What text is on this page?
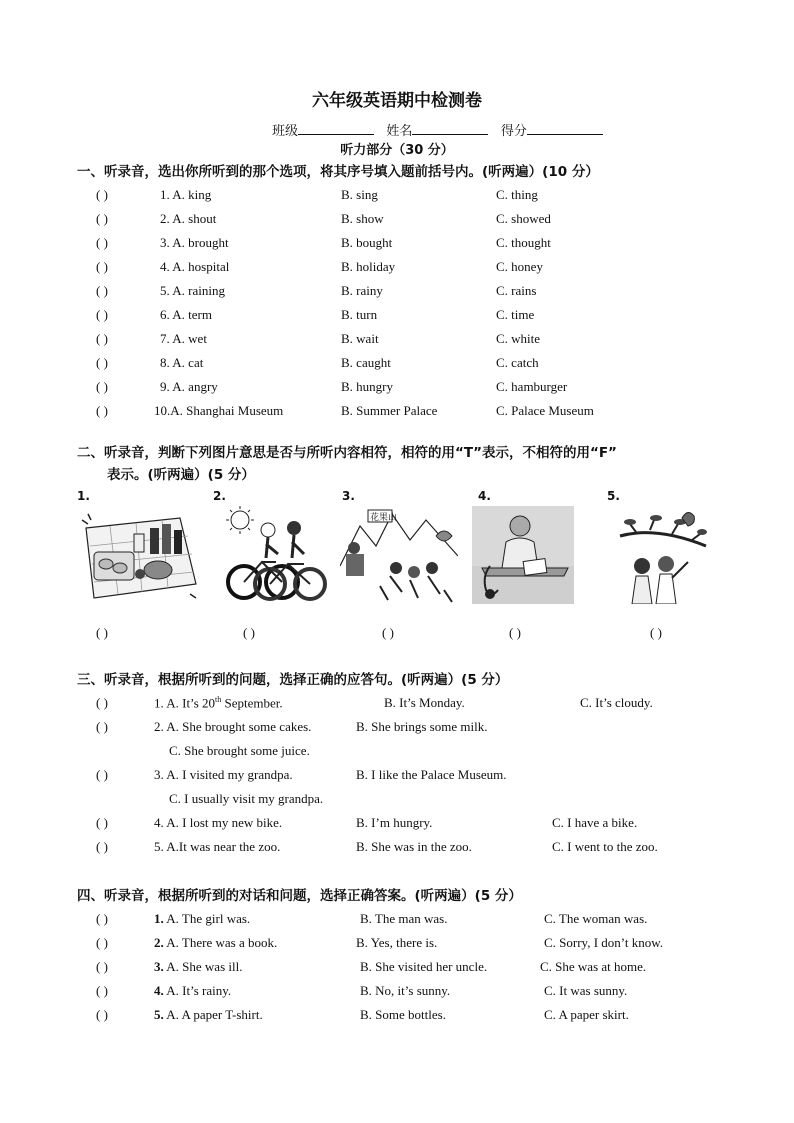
六年级英语期中检测卷
班级	姓名	得分
听力部分（30 分）
一、听录音，选出你所听到的那个选项，将其序号填入题前括号内。(听两遍）(10 分）
( )	1. A. king	B. sing	C. thing
( )	2. A. shout	B. show	C. showed
( )	3. A. brought	B. bought	C. thought
( )	4. A. hospital	B. holiday	C. honey
( )	5. A. raining	B. rainy	C. rains
( )	6. A. term	B. turn	C. time
( )	7. A. wet	B. wait	C. white
( )	8. A. cat	B. caught	C. catch
( )	9. A. angry	B. hungry	C. hamburger
( )	10.A. Shanghai Museum	B. Summer Palace	C. Palace Museum
二、听录音，判断下列图片意思是否与所听内容相符，相符的用“T”表示，不相符的用“F”
表示。(听两遍）(5 分）
1.	2.	3.	4.	5.
花果山
( )	( )	( )	( )	( )
三、听录音，根据所听到的问题，选择正确的应答句。(听两遍）(5 分）
( )	1. A. It’s 20th September.	B. It’s Monday.	C. It’s cloudy.
( )	2. A. She brought some cakes.	B. She brings some milk.
C. She brought some juice.
( )	3. A. I visited my grandpa.	B. I like the Palace Museum.
C. I usually visit my grandpa.
( )	4. A. I lost my new bike.	B. I’m hungry.	C. I have a bike.
( )	5. A.It was near the zoo.	B. She was in the zoo.	C. I went to the zoo.
四、听录音，根据所听到的对话和问题，选择正确答案。(听两遍）(5 分）
( )	1. A. The girl was.	B. The man was.	C. The woman was.
( )	2. A. There was a book.	B. Yes, there is.	C. Sorry, I don’t know.
( )	3. A. She was ill.	B. She visited her uncle.	C. She was at home.
( )	4. A. It’s rainy.	B. No, it’s sunny.	C. It was sunny.
( )	5. A. A paper T-shirt.	B. Some bottles.	C. A paper skirt.
